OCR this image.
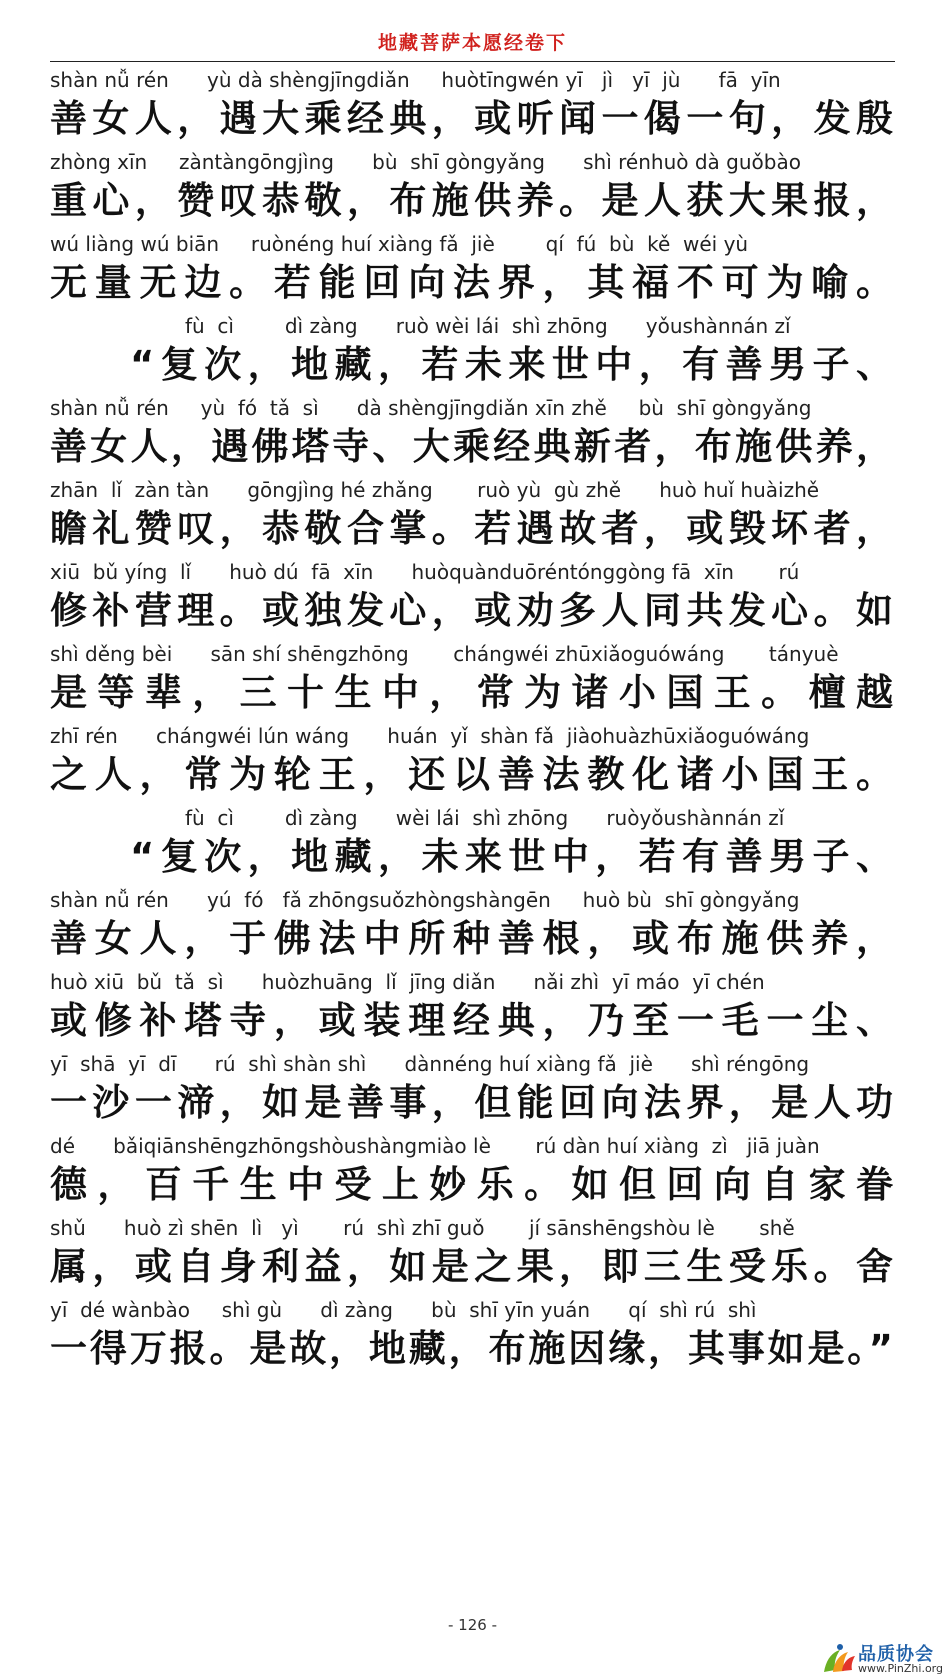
地藏菩萨本愿经卷下
shàn nǚ rén      yù dà shèngjīngdiǎn     huòtīngwén yī   jì   yī  jù      fā  yīn
善女人，遇大乘经典，或听闻一偈一句，发殷
zhòng xīn     zàntàngōngjìng      bù  shī gòngyǎng      shì rénhuò dà guǒbào
重心，赞叹恭敬，布施供养。是人获大果报，
wú liàng wú biān     ruònéng huí xiàng fǎ  jiè        qí  fú  bù  kě  wéi yù
无量无边。若能回向法界，其福不可为喻。
fù  cì        dì zàng      ruò wèi lái  shì zhōng      yǒushànnán zǐ
“复次，地藏，若未来世中，有善男子、
shàn nǚ rén     yù  fó  tǎ  sì      dà shèngjīngdiǎn xīn zhě     bù  shī gòngyǎng
善女人，遇佛塔寺、大乘经典新者，布施供养，
zhān  lǐ  zàn tàn      gōngjìng hé zhǎng       ruò yù  gù zhě      huò huǐ huàizhě
瞻礼赞叹，恭敬合掌。若遇故者，或毁坏者，
xiū  bǔ yíng  lǐ      huò dú  fā  xīn      huòquànduōréntónggòng fā  xīn       rú
修补营理。或独发心，或劝多人同共发心。如
shì děng bèi      sān shí shēngzhōng       chángwéi zhūxiǎoguówáng       tányuè
是等辈，三十生中，常为诸小国王。檀越
zhī rén      chángwéi lún wáng      huán  yǐ  shàn fǎ  jiàohuàzhūxiǎoguówáng
之人，常为轮王，还以善法教化诸小国王。
fù  cì        dì zàng      wèi lái  shì zhōng      ruòyǒushànnán zǐ
“复次，地藏，未来世中，若有善男子、
shàn nǚ rén      yú  fó   fǎ zhōngsuǒzhòngshàngēn     huò bù  shī gòngyǎng
善女人，于佛法中所种善根，或布施供养，
huò xiū  bǔ  tǎ  sì      huòzhuāng  lǐ  jīng diǎn      nǎi zhì  yī máo  yī chén
或修补塔寺，或装理经典，乃至一毛一尘、
yī  shā  yī  dī      rú  shì shàn shì      dànnéng huí xiàng fǎ  jiè      shì réngōng
一沙一渧，如是善事，但能回向法界，是人功
dé      bǎiqiānshēngzhōngshòushàngmiào lè       rú dàn huí xiàng  zì   jiā juàn
德，百千生中受上妙乐。如但回向自家眷
shǔ      huò zì shēn  lì   yì       rú  shì zhī guǒ       jí sānshēngshòu lè       shě
属，或自身利益，如是之果，即三生受乐。舍
yī  dé wànbào     shì gù      dì zàng      bù  shī yīn yuán      qí  shì rú  shì
一得万报。是故，地藏，布施因缘，其事如是。”
- 126 -
品质协会
www.PinZhi.org
